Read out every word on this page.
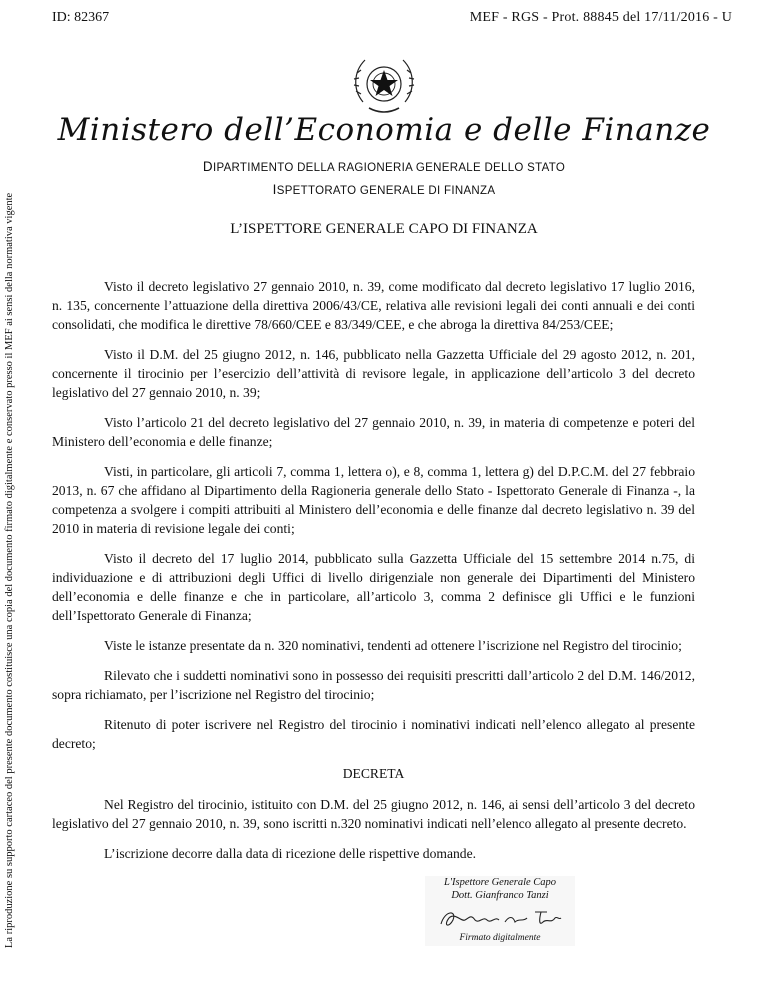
ID: 82367	MEF - RGS - Prot. 88845 del 17/11/2016 - U
La riproduzione su supporto cartaceo del presente documento costituisce una copia del documento firmato digitalmente e conservato presso il MEF ai sensi della normativa vigente
Ministero dell’Economia e delle Finanze
DIPARTIMENTO DELLA RAGIONERIA GENERALE DELLO STATO
ISPETTORATO GENERALE DI FINANZA
L’ISPETTORE GENERALE CAPO DI FINANZA

Visto il decreto legislativo 27 gennaio 2010, n. 39, come modificato dal decreto legislativo 17 luglio 2016, n. 135, concernente l’attuazione della direttiva 2006/43/CE, relativa alle revisioni legali dei conti annuali e dei conti consolidati, che modifica le direttive 78/660/CEE e 83/349/CEE, e che abroga la direttiva 84/253/CEE;

Visto il D.M. del 25 giugno 2012, n. 146, pubblicato nella Gazzetta Ufficiale del 29 agosto 2012, n. 201, concernente il tirocinio per l’esercizio dell’attività di revisore legale, in applicazione dell’articolo 3 del decreto legislativo del 27 gennaio 2010, n. 39;

Visto l’articolo 21 del decreto legislativo del 27 gennaio 2010, n. 39, in materia di competenze e poteri del Ministero dell’economia e delle finanze;

Visti, in particolare, gli articoli 7, comma 1, lettera o), e 8, comma 1, lettera g) del D.P.C.M. del 27 febbraio 2013, n. 67 che affidano al Dipartimento della Ragioneria generale dello Stato - Ispettorato Generale di Finanza -, la competenza a svolgere i compiti attribuiti al Ministero dell’economia e delle finanze dal decreto legislativo n. 39 del 2010 in materia di revisione legale dei conti;

Visto il decreto del 17 luglio 2014, pubblicato sulla Gazzetta Ufficiale del 15 settembre 2014 n.75, di individuazione e di attribuzioni degli Uffici di livello dirigenziale non generale dei Dipartimenti del Ministero dell’economia e delle finanze e che in particolare, all’articolo 3, comma 2 definisce gli Uffici e le funzioni dell’Ispettorato Generale di Finanza;

Viste le istanze presentate da n. 320 nominativi, tendenti ad ottenere l’iscrizione nel Registro del tirocinio;

Rilevato che i suddetti nominativi sono in possesso dei requisiti prescritti dall’articolo 2 del D.M. 146/2012, sopra richiamato, per l’iscrizione nel Registro del tirocinio;

Ritenuto di poter iscrivere nel Registro del tirocinio i nominativi indicati nell’elenco allegato al presente decreto;

DECRETA

Nel Registro del tirocinio, istituito con D.M. del 25 giugno 2012, n. 146, ai sensi dell’articolo 3 del decreto legislativo del 27 gennaio 2010, n. 39, sono iscritti n.320 nominativi indicati nell’elenco allegato al presente decreto.

L’iscrizione decorre dalla data di ricezione delle rispettive domande.

L'Ispettore Generale Capo
Dott. Gianfranco Tanzi
Firmato digitalmente
